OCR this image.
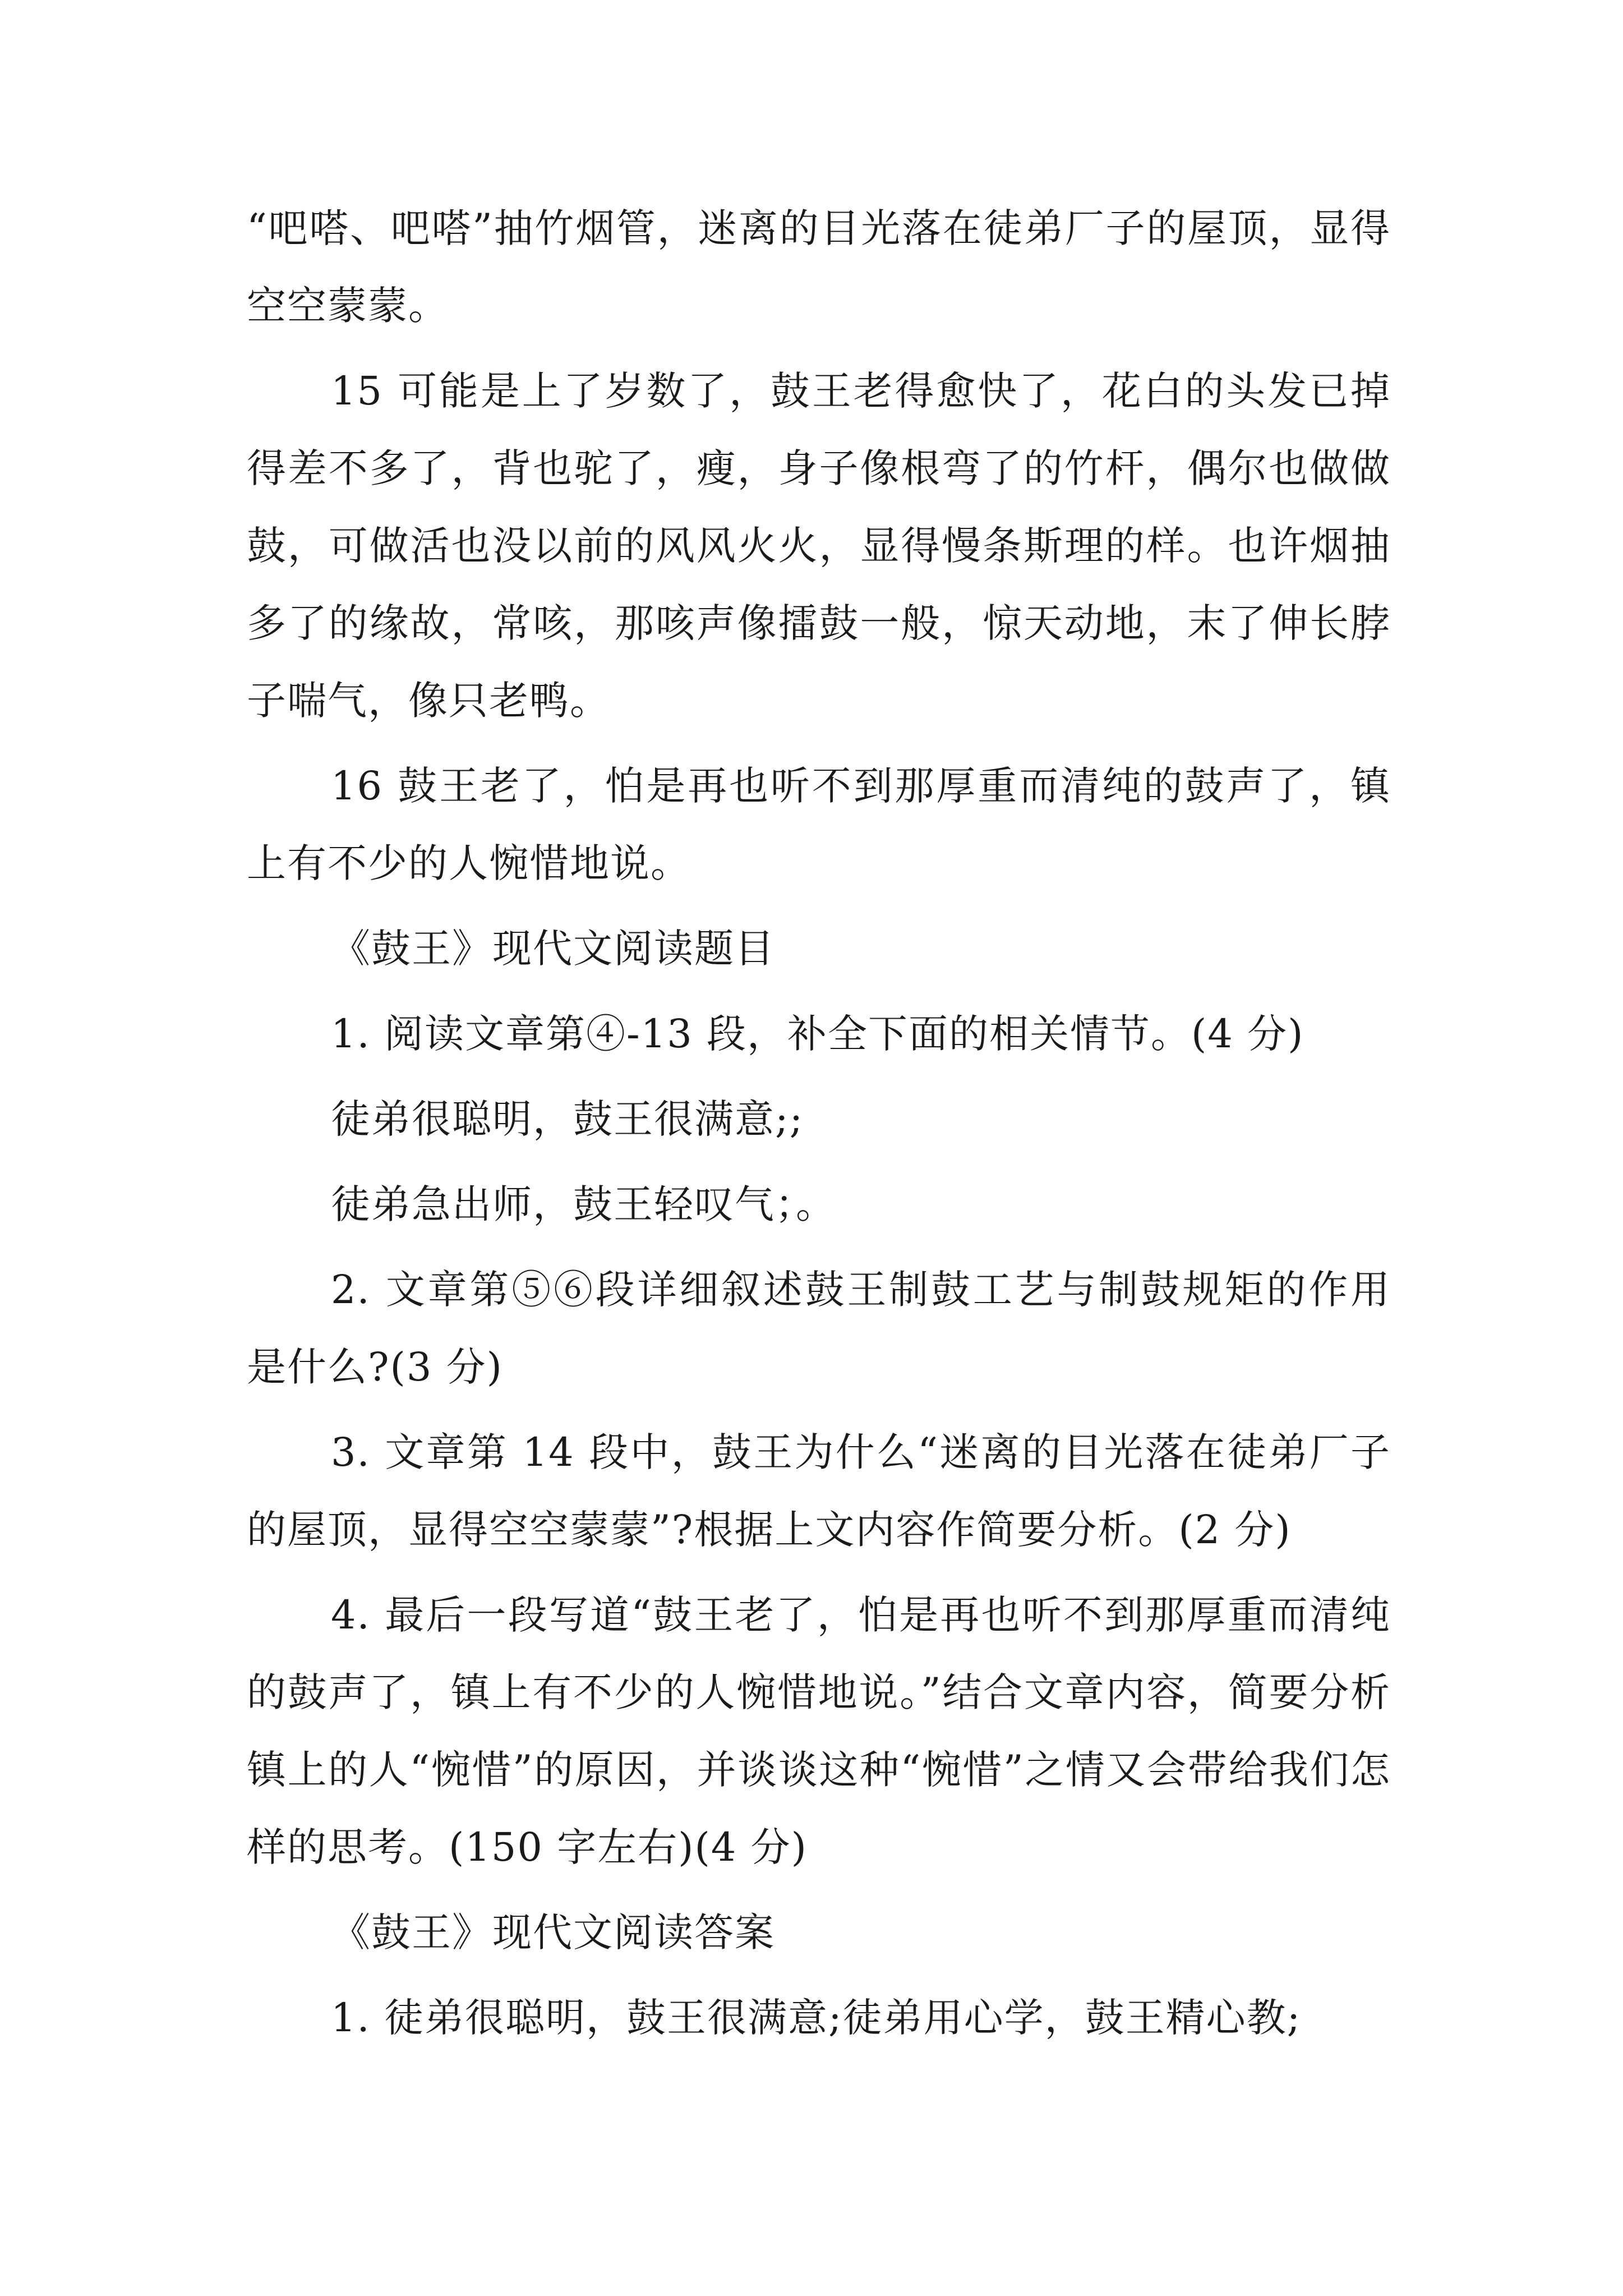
“吧嗒、吧嗒”抽竹烟管，迷离的目光落在徒弟厂子的屋顶，显得空空蒙蒙。

15 可能是上了岁数了，鼓王老得愈快了，花白的头发已掉得差不多了，背也驼了，瘦，身子像根弯了的竹杆，偶尔也做做鼓，可做活也没以前的风风火火，显得慢条斯理的样。也许烟抽多了的缘故，常咳，那咳声像擂鼓一般，惊天动地，末了伸长脖子喘气，像只老鸭。

16 鼓王老了，怕是再也听不到那厚重而清纯的鼓声了，镇上有不少的人惋惜地说。

《鼓王》现代文阅读题目

1. 阅读文章第④-13 段，补全下面的相关情节。(4 分)

徒弟很聪明，鼓王很满意;;

徒弟急出师，鼓王轻叹气；。

2. 文章第⑤⑥段详细叙述鼓王制鼓工艺与制鼓规矩的作用是什么?(3 分)

3. 文章第 14 段中，鼓王为什么“迷离的目光落在徒弟厂子的屋顶，显得空空蒙蒙”?根据上文内容作简要分析。(2 分)

4. 最后一段写道“鼓王老了，怕是再也听不到那厚重而清纯的鼓声了，镇上有不少的人惋惜地说。”结合文章内容，简要分析镇上的人“惋惜”的原因，并谈谈这种“惋惜”之情又会带给我们怎样的思考。(150 字左右)(4 分)

《鼓王》现代文阅读答案

1. 徒弟很聪明，鼓王很满意;徒弟用心学，鼓王精心教;
